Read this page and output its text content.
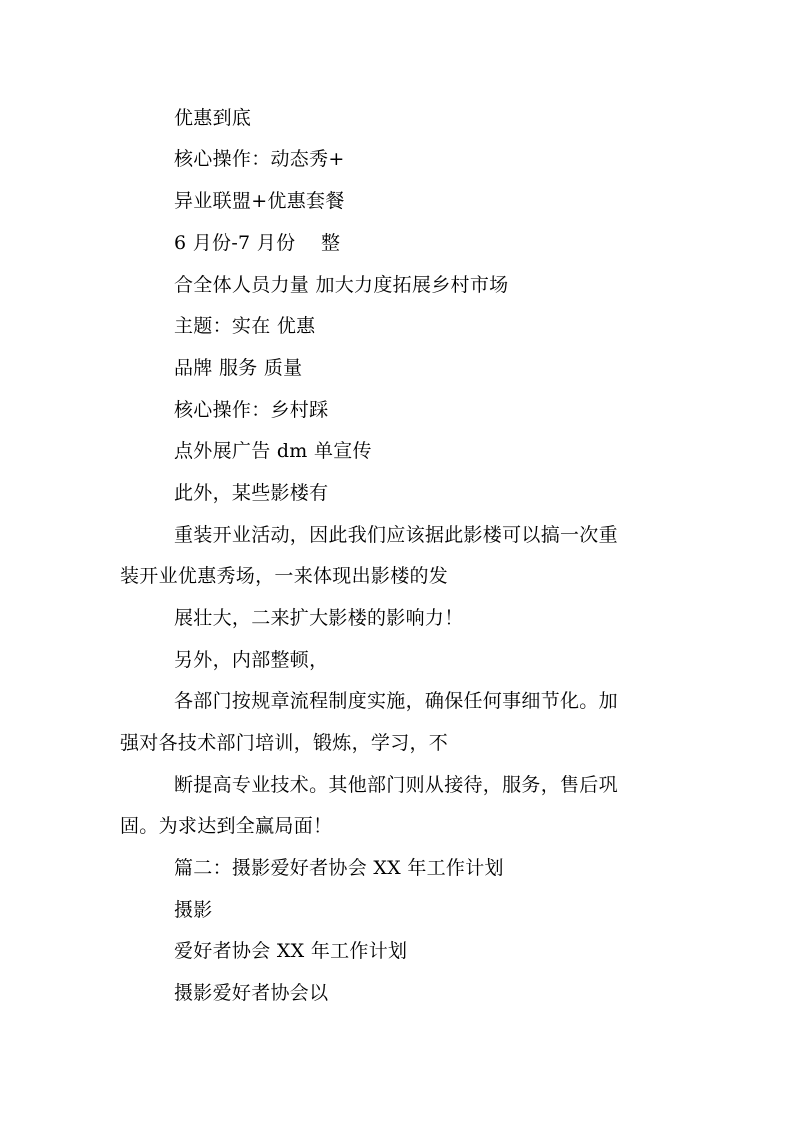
优惠到底
核心操作：动态秀+
异业联盟+优惠套餐
6 月份-7 月份　 整
合全体人员力量 加大力度拓展乡村市场
主题：实在 优惠
品牌 服务 质量
核心操作：乡村踩
点外展广告 dm 单宣传
此外，某些影楼有
重装开业活动，因此我们应该据此影楼可以搞一次重
装开业优惠秀场，一来体现出影楼的发
展壮大，二来扩大影楼的影响力！
另外，内部整顿，
各部门按规章流程制度实施，确保任何事细节化。加
强对各技术部门培训，锻炼，学习，不
断提高专业技术。其他部门则从接待，服务，售后巩
固。为求达到全赢局面！
篇二：摄影爱好者协会 XX 年工作计划
摄影
爱好者协会 XX 年工作计划
摄影爱好者协会以
